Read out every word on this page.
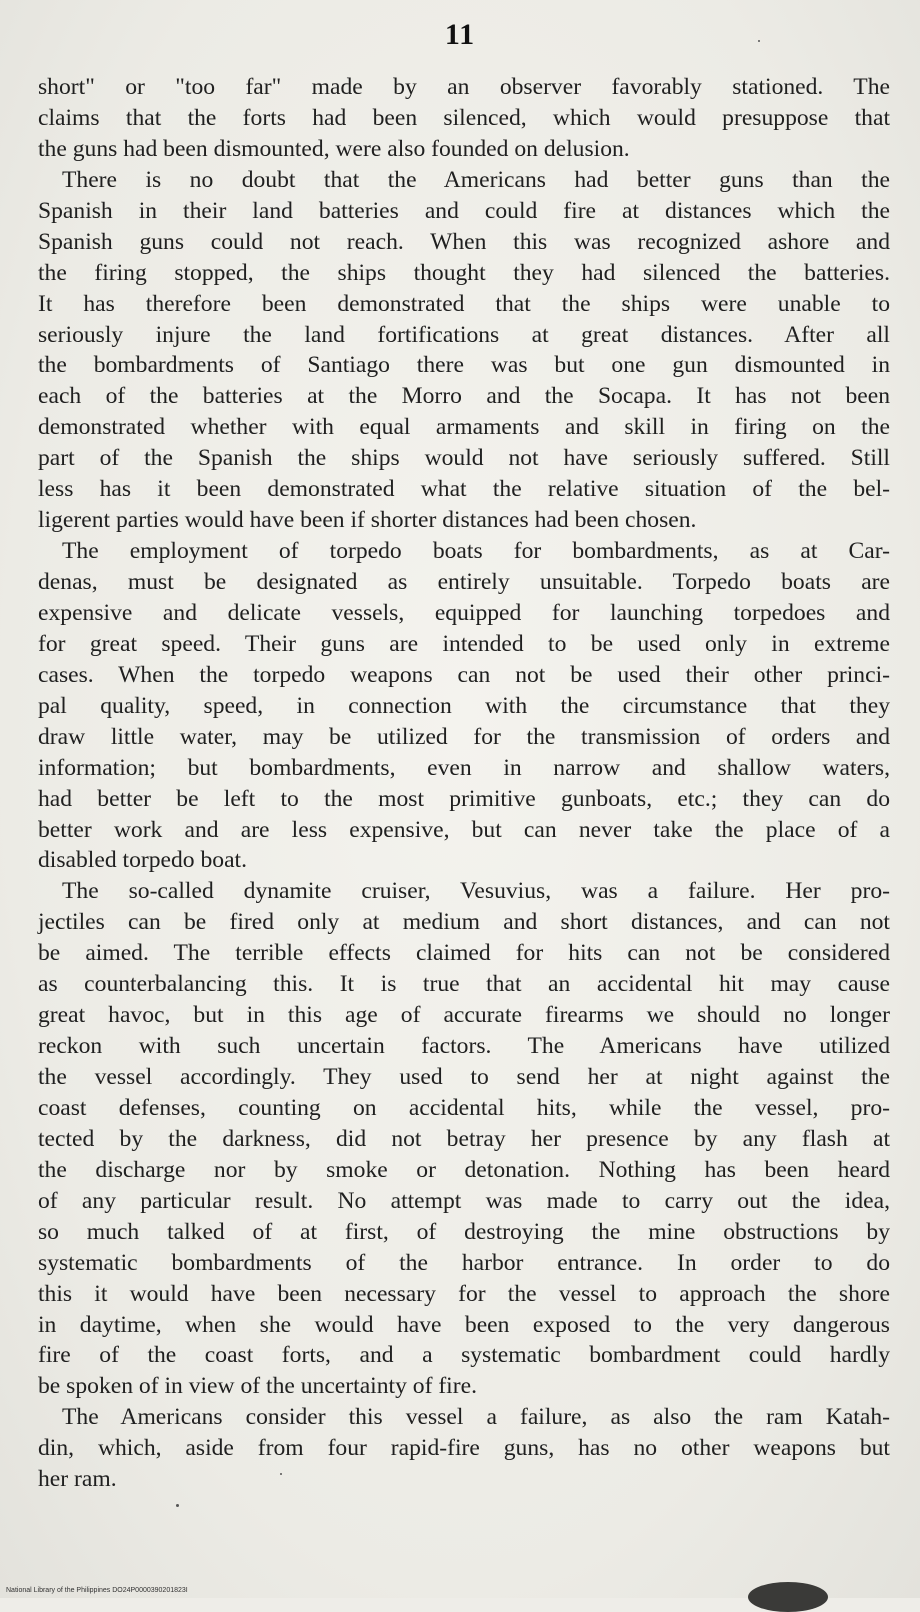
11
short" or "too far" made by an observer favorably stationed. The
claims that the forts had been silenced, which would presuppose that
the guns had been dismounted, were also founded on delusion.
There is no doubt that the Americans had better guns than the
Spanish in their land batteries and could fire at distances which the
Spanish guns could not reach. When this was recognized ashore and
the firing stopped, the ships thought they had silenced the batteries.
It has therefore been demonstrated that the ships were unable to
seriously injure the land fortifications at great distances. After all
the bombardments of Santiago there was but one gun dismounted in
each of the batteries at the Morro and the Socapa. It has not been
demonstrated whether with equal armaments and skill in firing on the
part of the Spanish the ships would not have seriously suffered. Still
less has it been demonstrated what the relative situation of the bel-
ligerent parties would have been if shorter distances had been chosen.
The employment of torpedo boats for bombardments, as at Car-
denas, must be designated as entirely unsuitable. Torpedo boats are
expensive and delicate vessels, equipped for launching torpedoes and
for great speed. Their guns are intended to be used only in extreme
cases. When the torpedo weapons can not be used their other princi-
pal quality, speed, in connection with the circumstance that they
draw little water, may be utilized for the transmission of orders and
information; but bombardments, even in narrow and shallow waters,
had better be left to the most primitive gunboats, etc.; they can do
better work and are less expensive, but can never take the place of a
disabled torpedo boat.
The so-called dynamite cruiser, Vesuvius, was a failure. Her pro-
jectiles can be fired only at medium and short distances, and can not
be aimed. The terrible effects claimed for hits can not be considered
as counterbalancing this. It is true that an accidental hit may cause
great havoc, but in this age of accurate firearms we should no longer
reckon with such uncertain factors. The Americans have utilized
the vessel accordingly. They used to send her at night against the
coast defenses, counting on accidental hits, while the vessel, pro-
tected by the darkness, did not betray her presence by any flash at
the discharge nor by smoke or detonation. Nothing has been heard
of any particular result. No attempt was made to carry out the idea,
so much talked of at first, of destroying the mine obstructions by
systematic bombardments of the harbor entrance. In order to do
this it would have been necessary for the vessel to approach the shore
in daytime, when she would have been exposed to the very dangerous
fire of the coast forts, and a systematic bombardment could hardly
be spoken of in view of the uncertainty of fire.
The Americans consider this vessel a failure, as also the ram Katah-
din, which, aside from four rapid-fire guns, has no other weapons but
her ram.
National Library of the Philippines DO24P0000390201823I
